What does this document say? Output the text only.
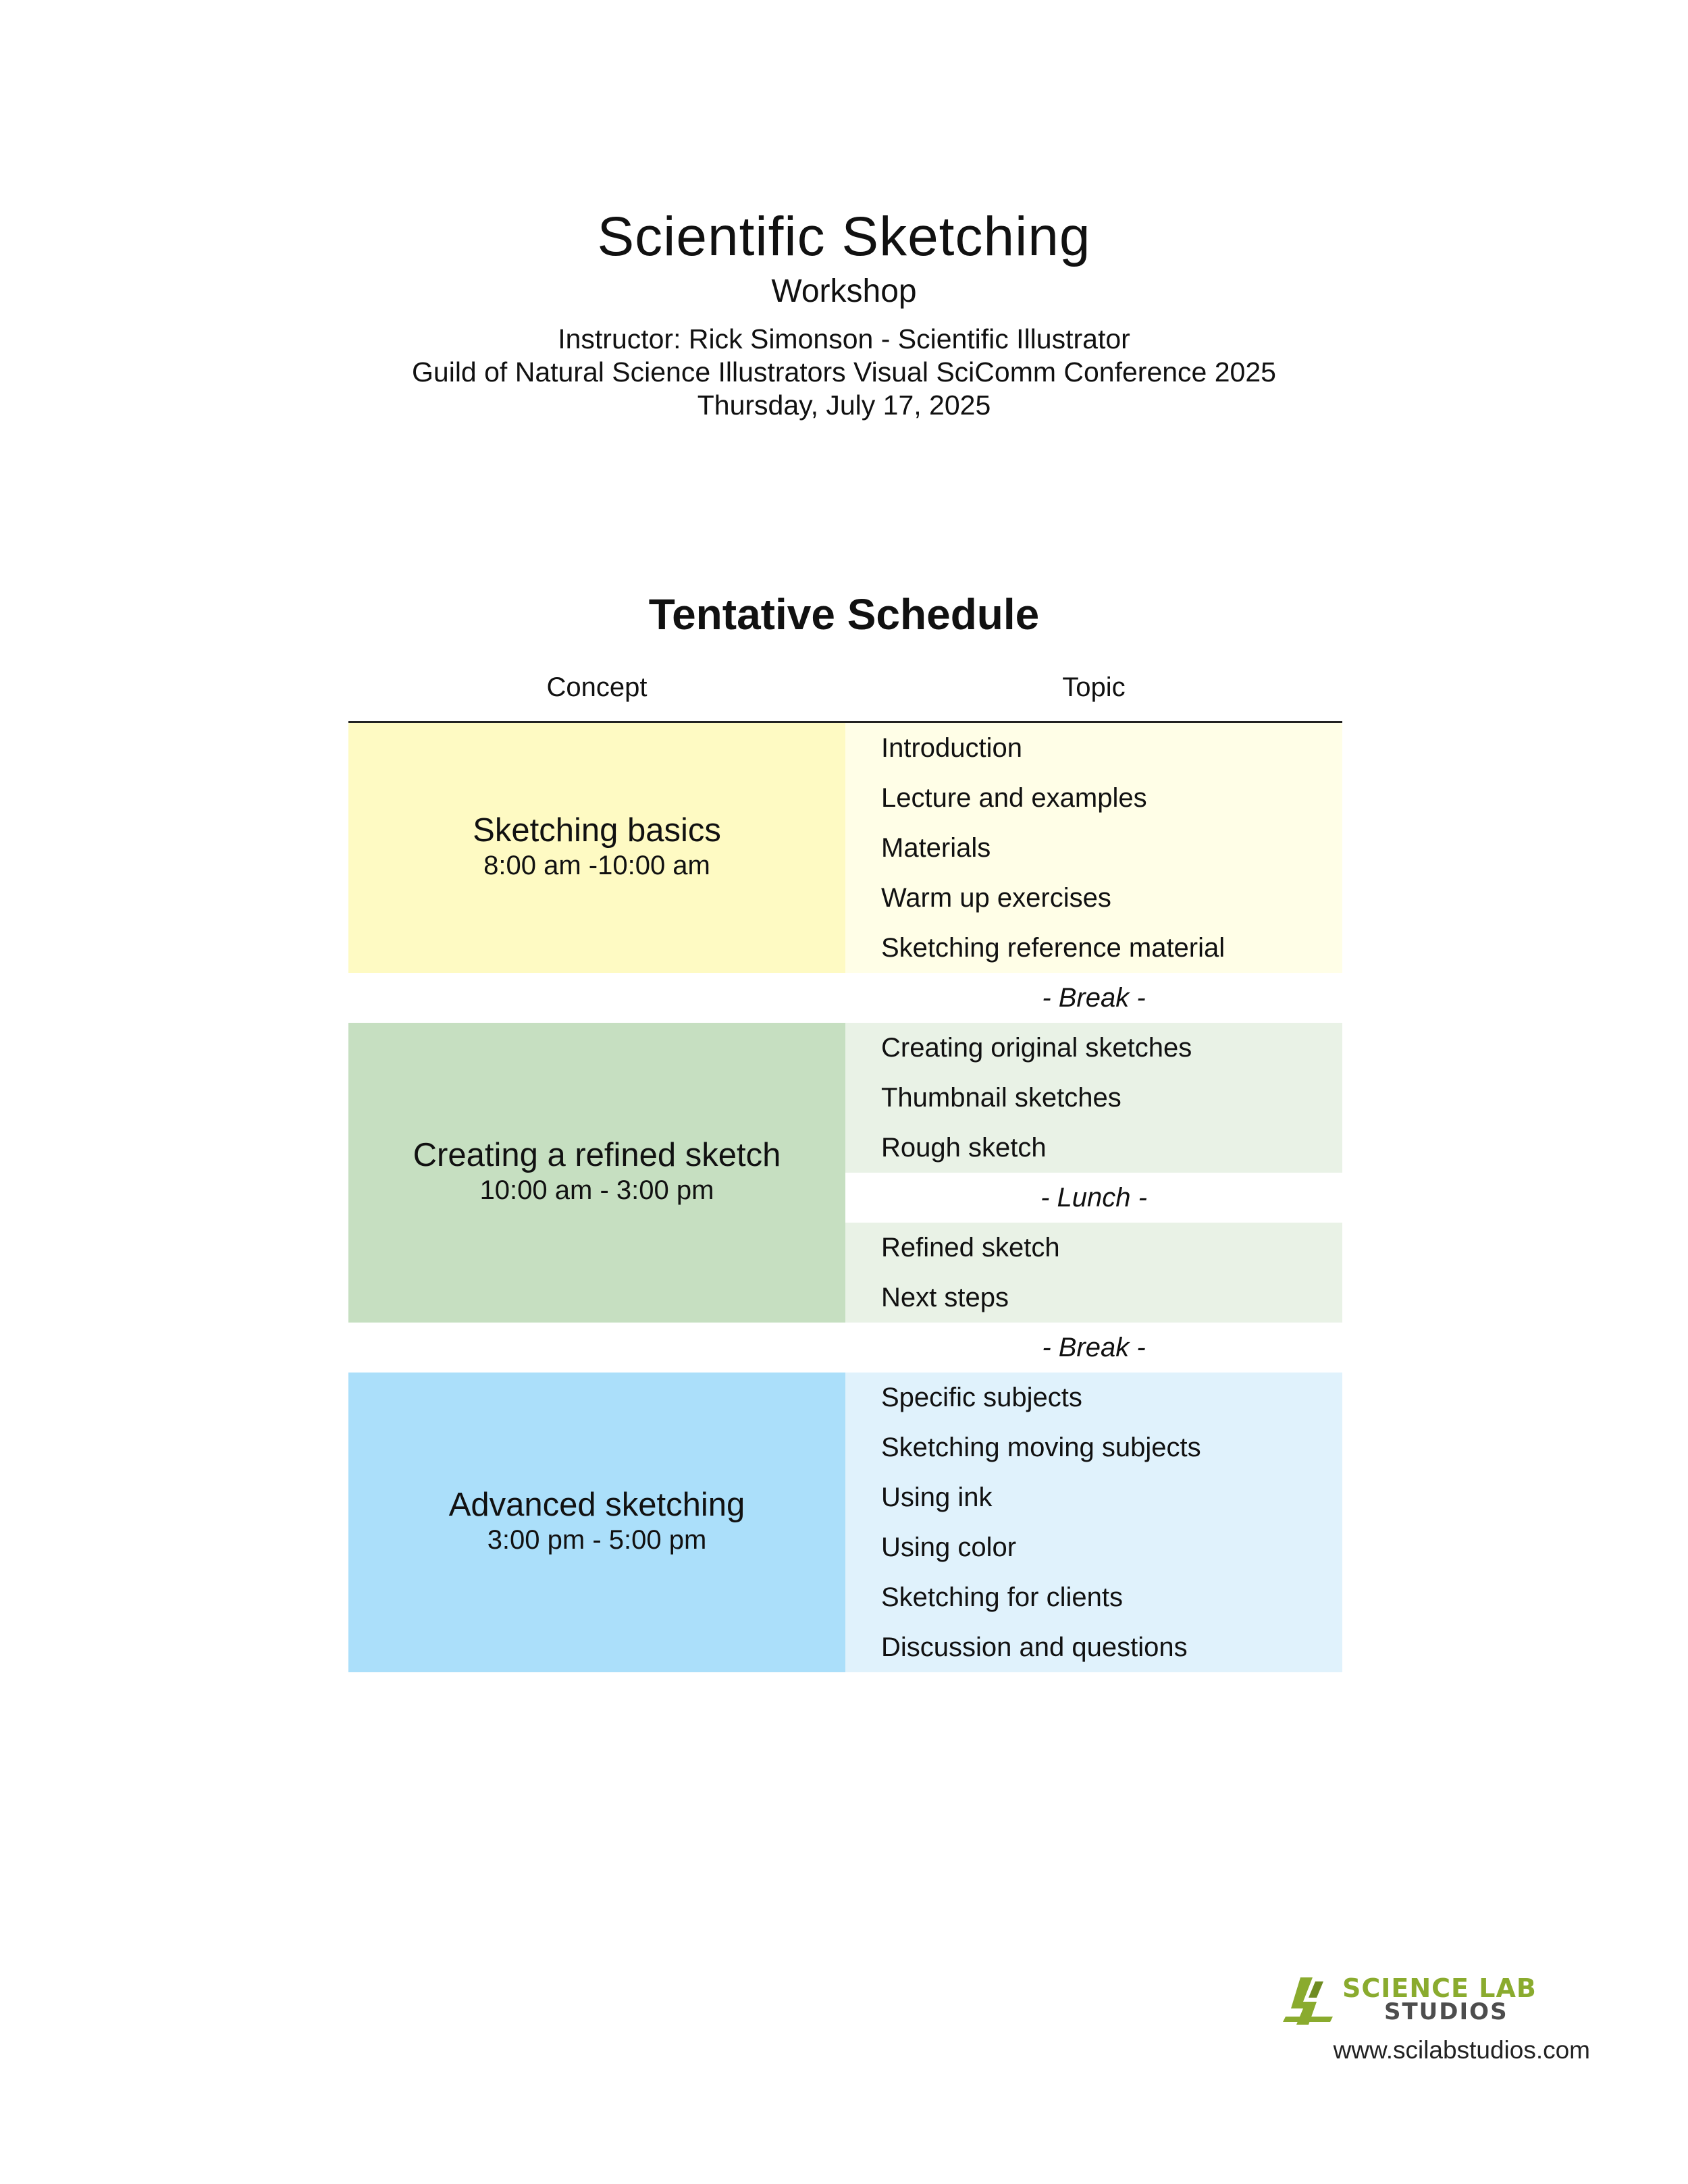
Scientific Sketching
Workshop
Instructor: Rick Simonson - Scientific Illustrator
Guild of Natural Science Illustrators Visual SciComm Conference 2025
Thursday, July 17, 2025
Tentative Schedule
Concept	Topic
Sketching basics
8:00 am -10:00 am
Introduction
Lecture and examples
Materials
Warm up exercises
Sketching reference material
- Break -
Creating a refined sketch
10:00 am - 3:00 pm
Creating original sketches
Thumbnail sketches
Rough sketch
- Lunch -
Refined sketch
Next steps
- Break -
Advanced sketching
3:00 pm - 5:00 pm
Specific subjects
Sketching moving subjects
Using ink
Using color
Sketching for clients
Discussion and questions
SCIENCE LAB
STUDIOS
www.scilabstudios.com
